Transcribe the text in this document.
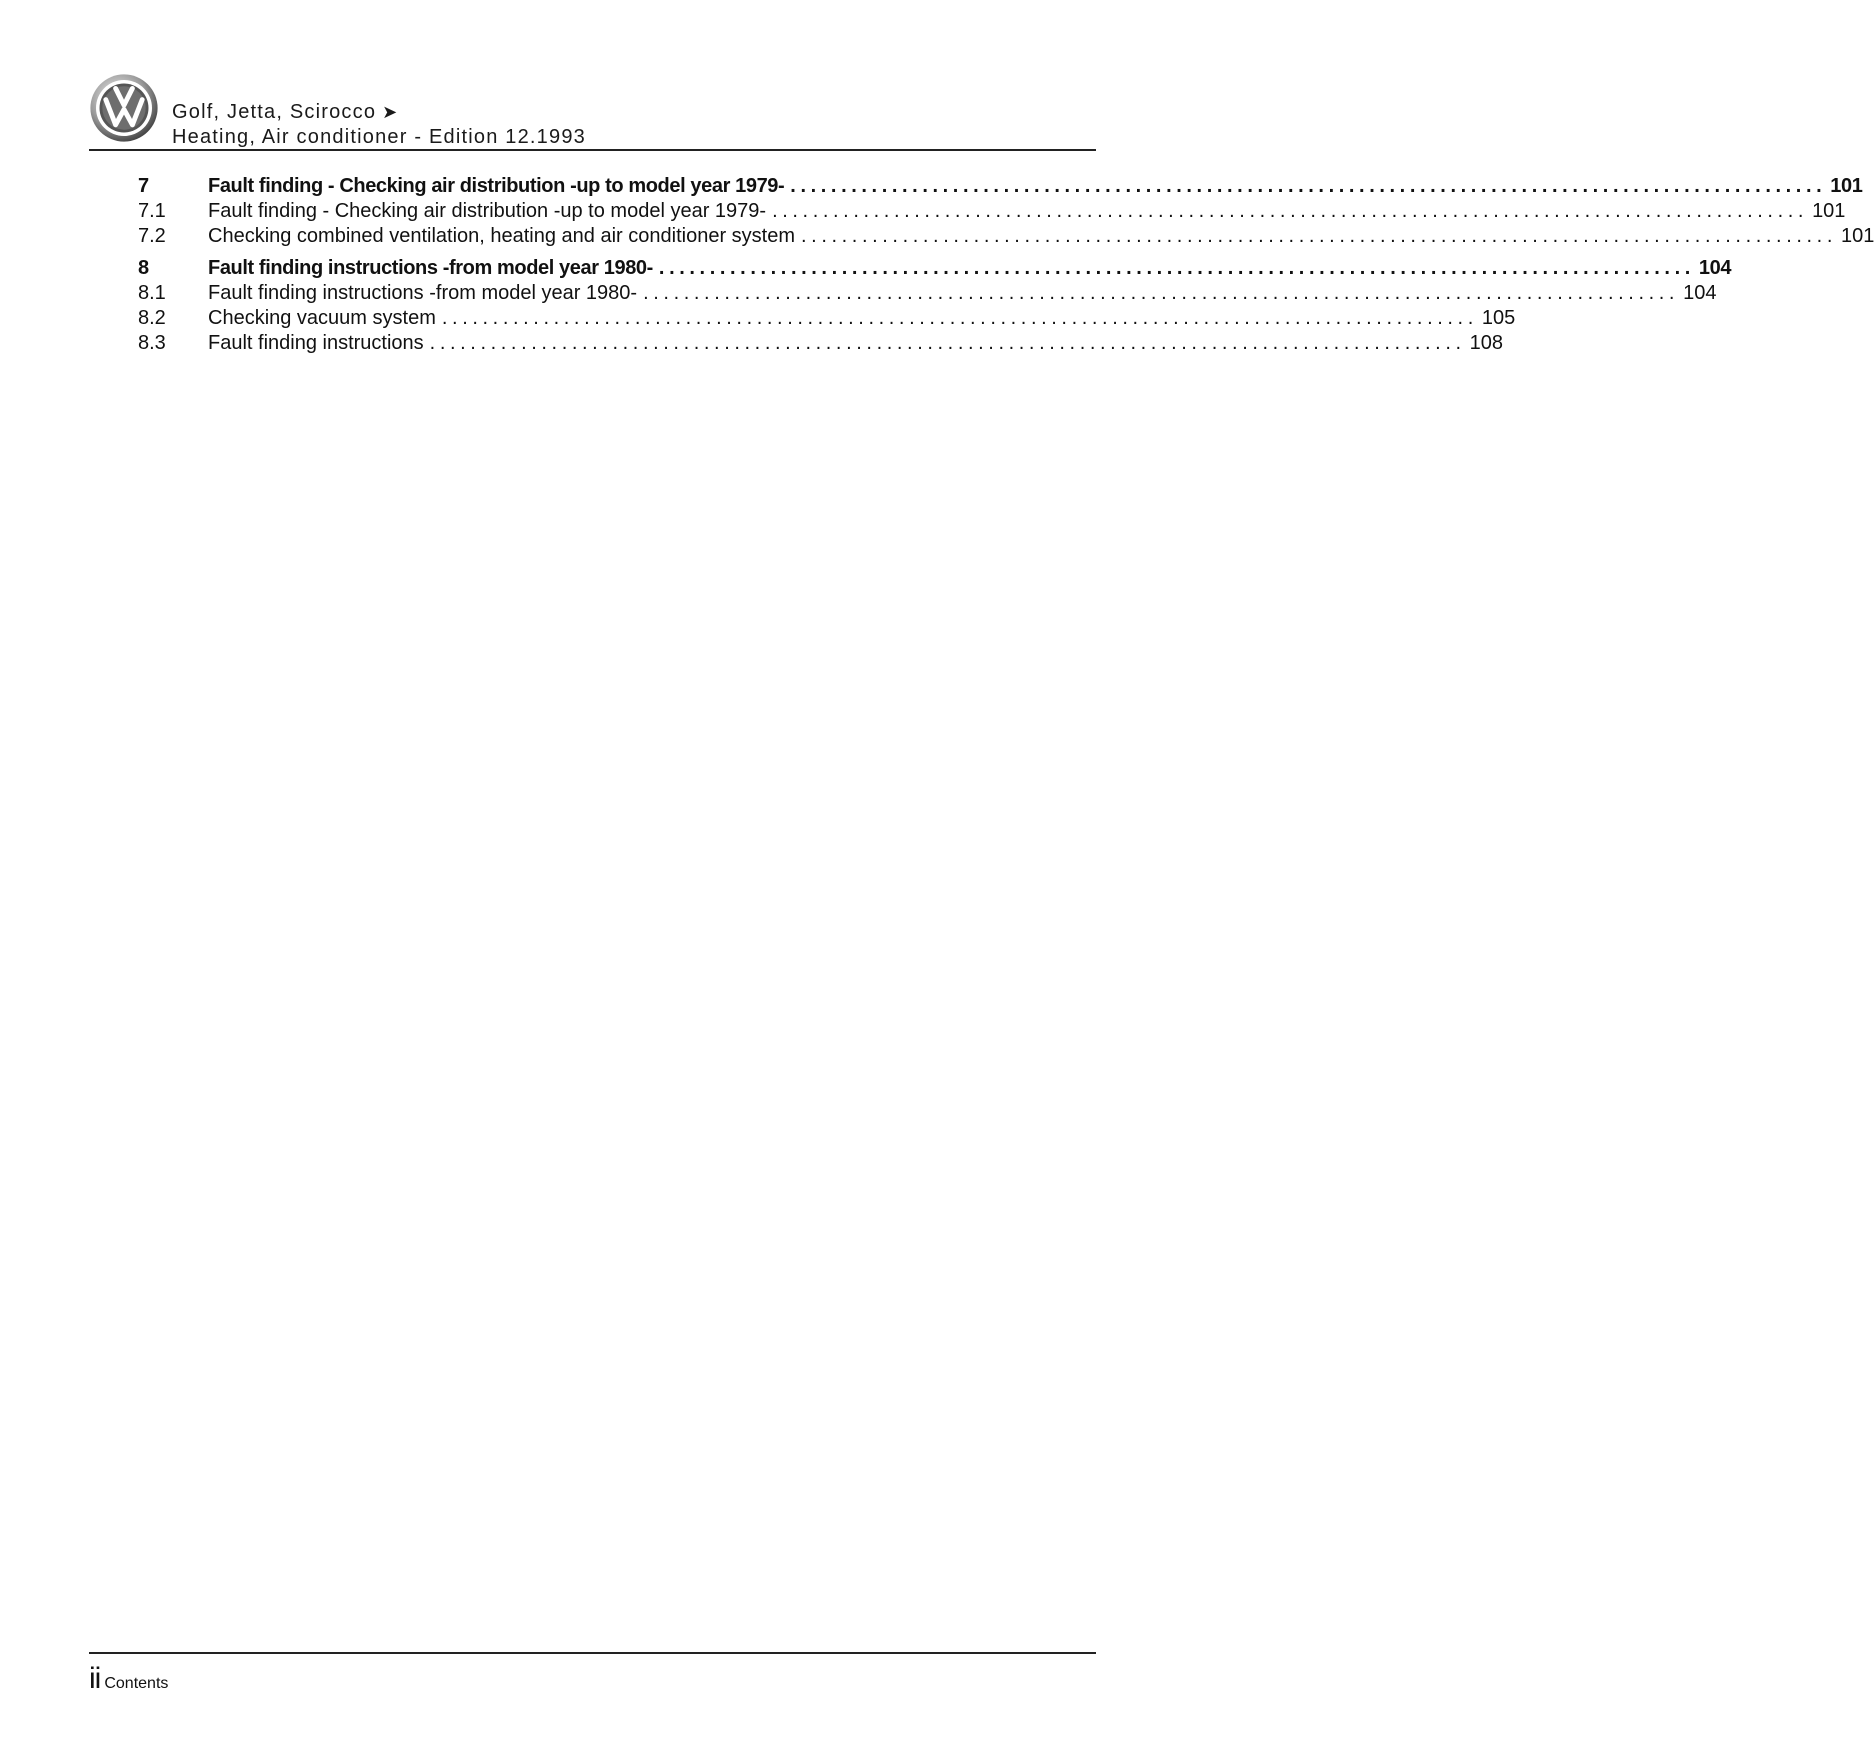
Golf, Jetta, Scirocco ➤
Heating, Air conditioner - Edition 12.1993
7	Fault finding - Checking air distribution -up to model year 1979- ...................................................................................................... 101
7.1	Fault finding - Checking air distribution -up to model year 1979- ...................................................................................................... 101
7.2	Checking combined ventilation, heating and air conditioner system ...................................................................................................... 101
8	Fault finding instructions -from model year 1980- ...................................................................................................... 104
8.1	Fault finding instructions -from model year 1980- ...................................................................................................... 104
8.2	Checking vacuum system ...................................................................................................... 105
8.3	Fault finding instructions ...................................................................................................... 108
ii Contents
